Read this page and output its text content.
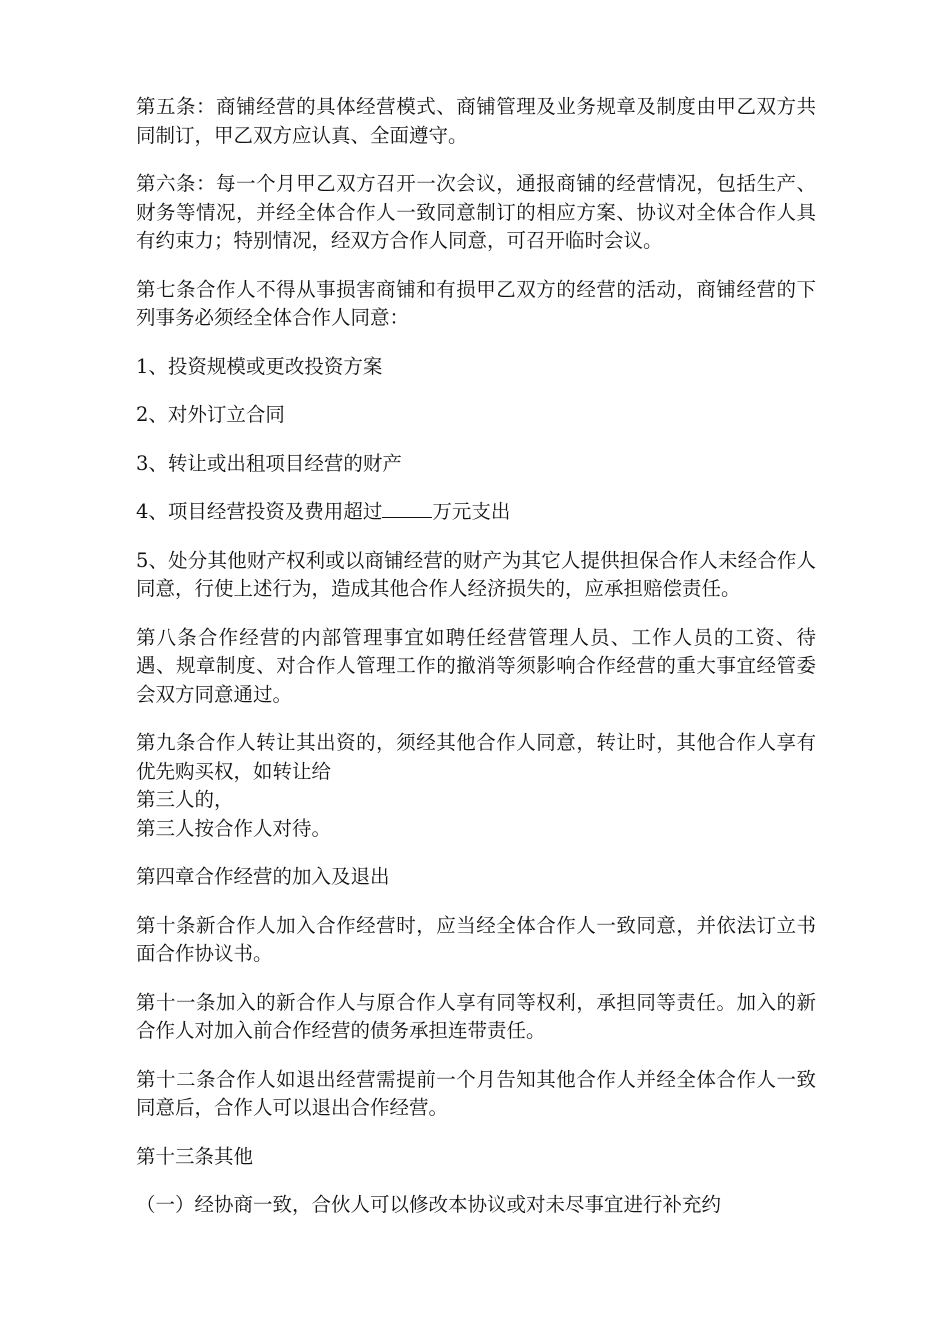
第五条：商铺经营的具体经营模式、商铺管理及业务规章及制度由甲乙双方共同制订，甲乙双方应认真、全面遵守。

第六条：每一个月甲乙双方召开一次会议，通报商铺的经营情况，包括生产、财务等情况，并经全体合作人一致同意制订的相应方案、协议对全体合作人具有约束力；特别情况，经双方合作人同意，可召开临时会议。

第七条合作人不得从事损害商铺和有损甲乙双方的经营的活动，商铺经营的下列事务必须经全体合作人同意：

1、投资规模或更改投资方案

2、对外订立合同

3、转让或出租项目经营的财产

4、项目经营投资及费用超过	万元支出

5、处分其他财产权利或以商铺经营的财产为其它人提供担保合作人未经合作人同意，行使上述行为，造成其他合作人经济损失的，应承担赔偿责任。

第八条合作经营的内部管理事宜如聘任经营管理人员、工作人员的工资、待遇、规章制度、对合作人管理工作的撤消等须影响合作经营的重大事宜经管委会双方同意通过。

第九条合作人转让其出资的，须经其他合作人同意，转让时，其他合作人享有优先购买权，如转让给
第三人的，
第三人按合作人对待。

第四章合作经营的加入及退出

第十条新合作人加入合作经营时，应当经全体合作人一致同意，并依法订立书面合作协议书。

第十一条加入的新合作人与原合作人享有同等权利，承担同等责任。加入的新合作人对加入前合作经营的债务承担连带责任。

第十二条合作人如退出经营需提前一个月告知其他合作人并经全体合作人一致同意后，合作人可以退出合作经营。

第十三条其他

（一）经协商一致，合伙人可以修改本协议或对未尽事宜进行补充约
